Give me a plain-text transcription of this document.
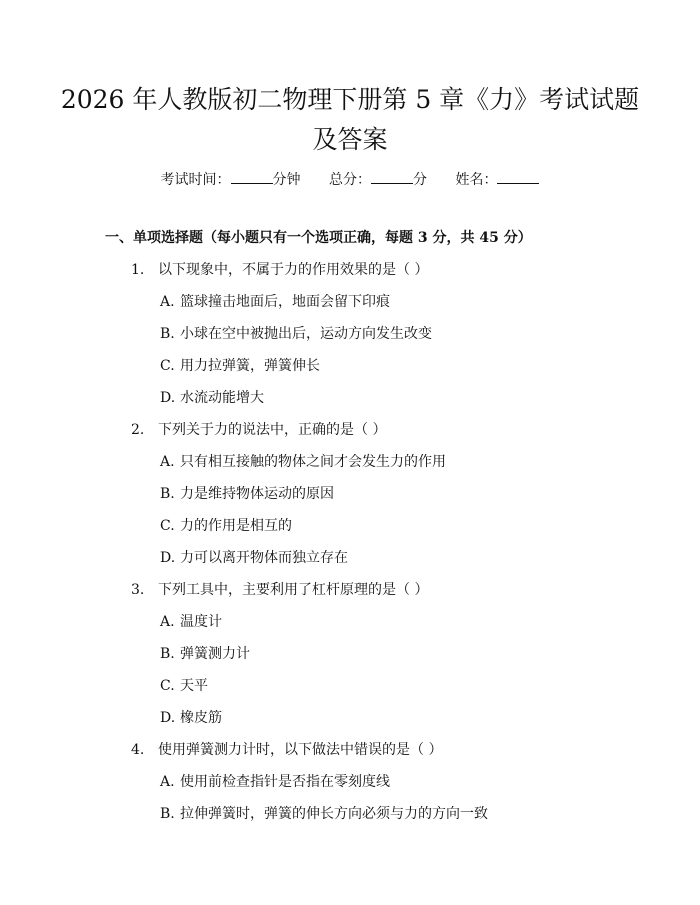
2026 年人教版初二物理下册第 5 章《力》考试试题及答案
考试时间：	分钟 总分：	分 姓名：
一、单项选择题（每小题只有一个选项正确，每题 3 分，共 45 分）
1. 以下现象中，不属于力的作用效果的是（ ）
A. 篮球撞击地面后，地面会留下印痕
B. 小球在空中被抛出后，运动方向发生改变
C. 用力拉弹簧，弹簧伸长
D. 水流动能增大
2. 下列关于力的说法中，正确的是（ ）
A. 只有相互接触的物体之间才会发生力的作用
B. 力是维持物体运动的原因
C. 力的作用是相互的
D. 力可以离开物体而独立存在
3. 下列工具中，主要利用了杠杆原理的是（ ）
A. 温度计
B. 弹簧测力计
C. 天平
D. 橡皮筋
4. 使用弹簧测力计时，以下做法中错误的是（ ）
A. 使用前检查指针是否指在零刻度线
B. 拉伸弹簧时，弹簧的伸长方向必须与力的方向一致
